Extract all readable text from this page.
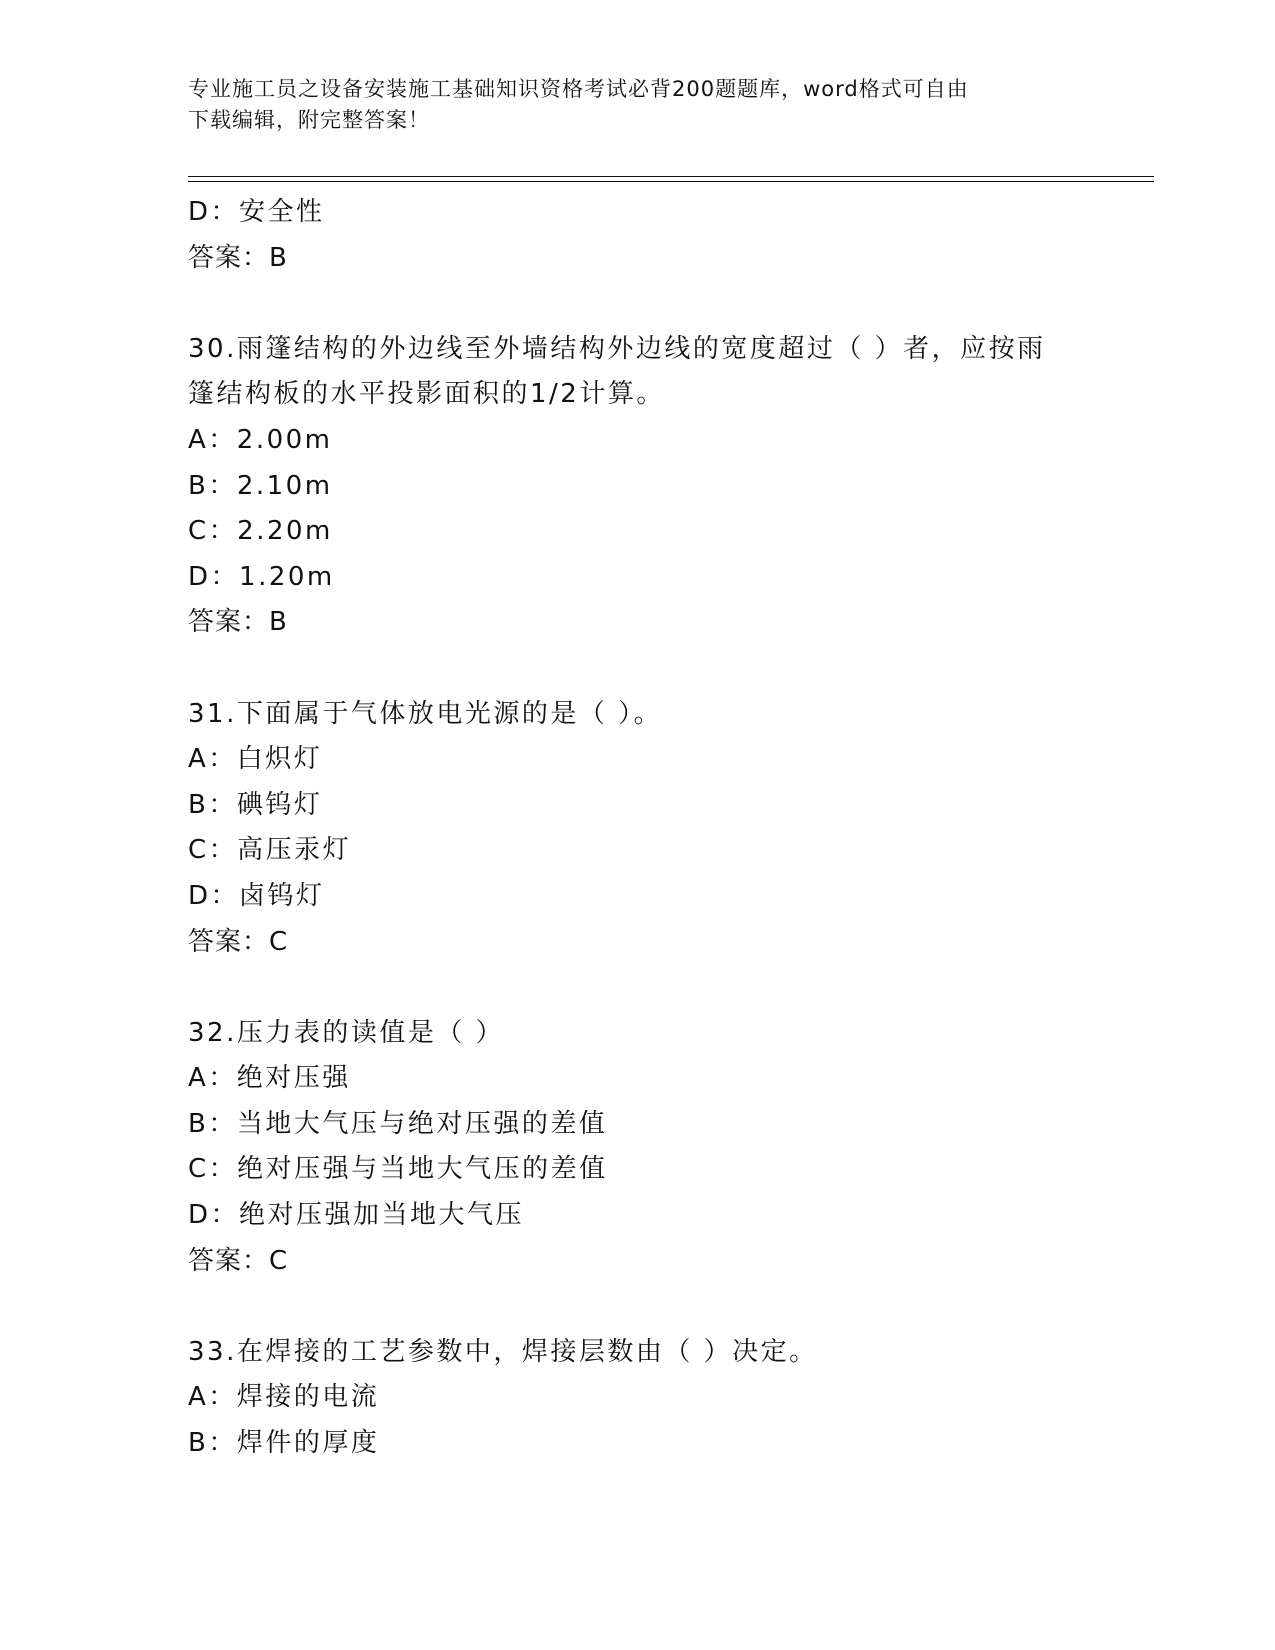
专业施工员之设备安装施工基础知识资格考试必背200题题库，word格式可自由
下载编辑，附完整答案！
D：安全性
答案：B
30.雨篷结构的外边线至外墙结构外边线的宽度超过（ ）者，应按雨
篷结构板的水平投影面积的1/2计算。
A：2.00m
B：2.10m
C：2.20m
D：1.20m
答案：B
31.下面属于气体放电光源的是（ ）。
A：白炽灯
B：碘钨灯
C：高压汞灯
D：卤钨灯
答案：C
32.压力表的读值是（ ）
A：绝对压强
B：当地大气压与绝对压强的差值
C：绝对压强与当地大气压的差值
D：绝对压强加当地大气压
答案：C
33.在焊接的工艺参数中，焊接层数由（ ）决定。
A：焊接的电流
B：焊件的厚度
